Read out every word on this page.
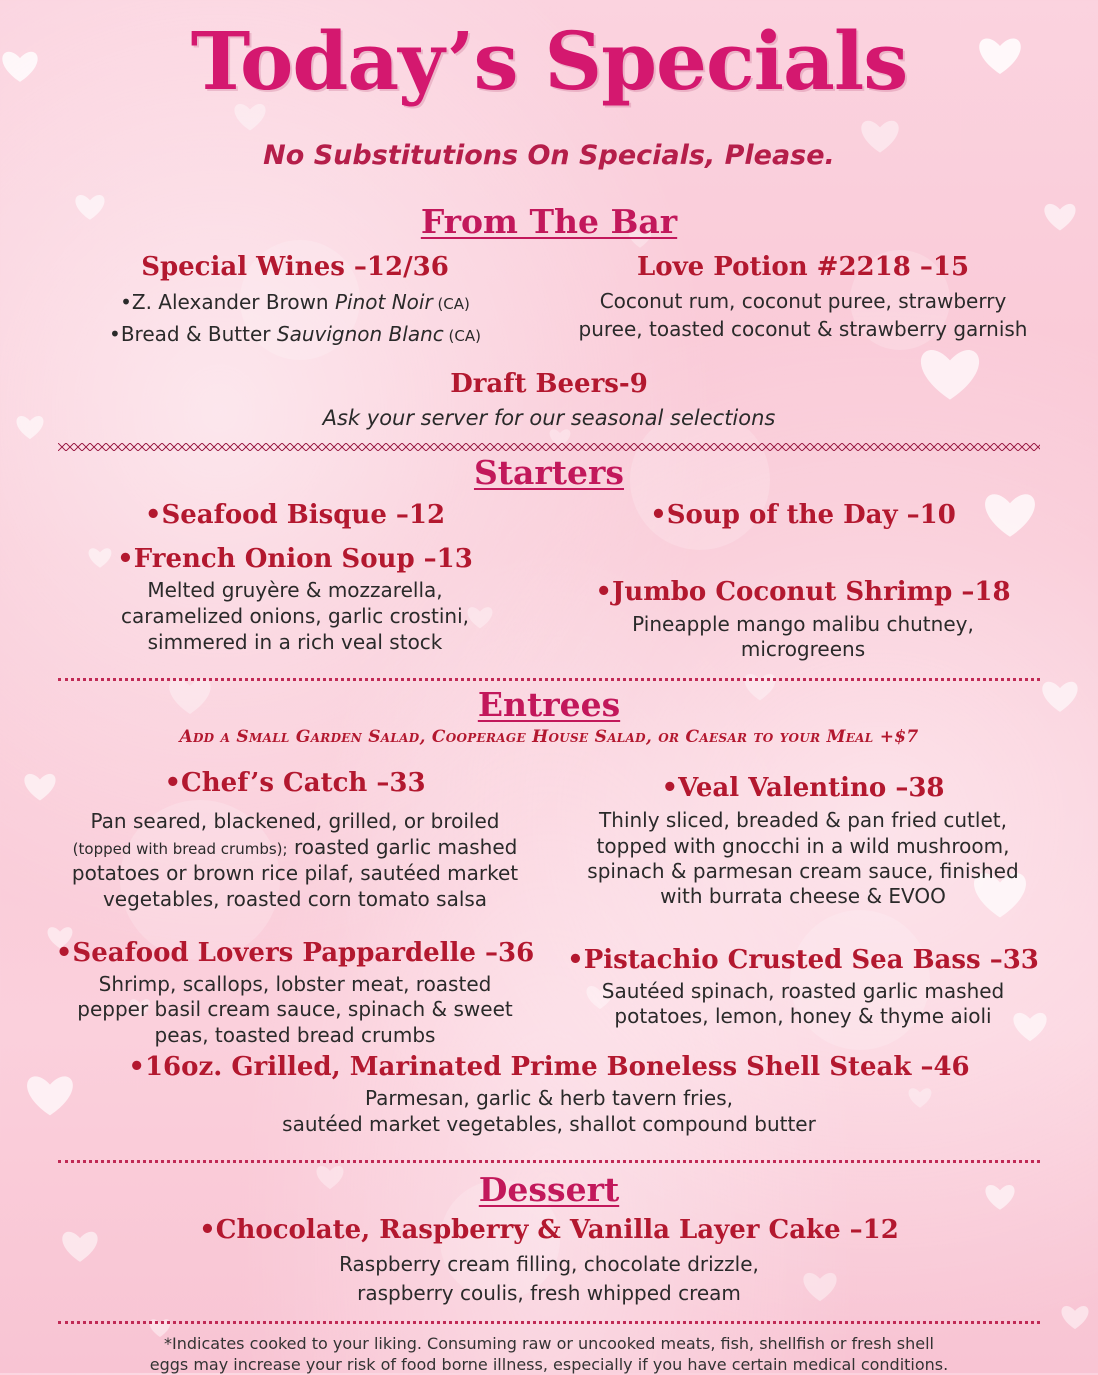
Today’s Specials
No Substitutions On Specials, Please.
From The Bar
Special Wines –12/36
•Z. Alexander Brown Pinot Noir (CA)
•Bread & Butter Sauvignon Blanc (CA)
Love Potion #2218 –15
Coconut rum, coconut puree, strawberry
puree, toasted coconut & strawberry garnish
Draft Beers-9
Ask your server for our seasonal selections
Starters
•Seafood Bisque –12	•Soup of the Day –10
•French Onion Soup –13
Melted gruyère & mozzarella,
caramelized onions, garlic crostini,
simmered in a rich veal stock
•Jumbo Coconut Shrimp –18
Pineapple mango malibu chutney,
microgreens
Entrees
Add a Small Garden Salad, Cooperage House Salad, or Caesar to your Meal +$7
•Chef’s Catch –33
Pan seared, blackened, grilled, or broiled
(topped with bread crumbs); roasted garlic mashed
potatoes or brown rice pilaf, sautéed market
vegetables, roasted corn tomato salsa
•Veal Valentino –38
Thinly sliced, breaded & pan fried cutlet,
topped with gnocchi in a wild mushroom,
spinach & parmesan cream sauce, finished
with burrata cheese & EVOO
•Seafood Lovers Pappardelle –36
Shrimp, scallops, lobster meat, roasted
pepper basil cream sauce, spinach & sweet
peas, toasted bread crumbs
•Pistachio Crusted Sea Bass –33
Sautéed spinach, roasted garlic mashed
potatoes, lemon, honey & thyme aioli
•16oz. Grilled, Marinated Prime Boneless Shell Steak –46
Parmesan, garlic & herb tavern fries,
sautéed market vegetables, shallot compound butter
Dessert
•Chocolate, Raspberry & Vanilla Layer Cake –12
Raspberry cream filling, chocolate drizzle,
raspberry coulis, fresh whipped cream
*Indicates cooked to your liking. Consuming raw or uncooked meats, fish, shellfish or fresh shell
eggs may increase your risk of food borne illness, especially if you have certain medical conditions.
